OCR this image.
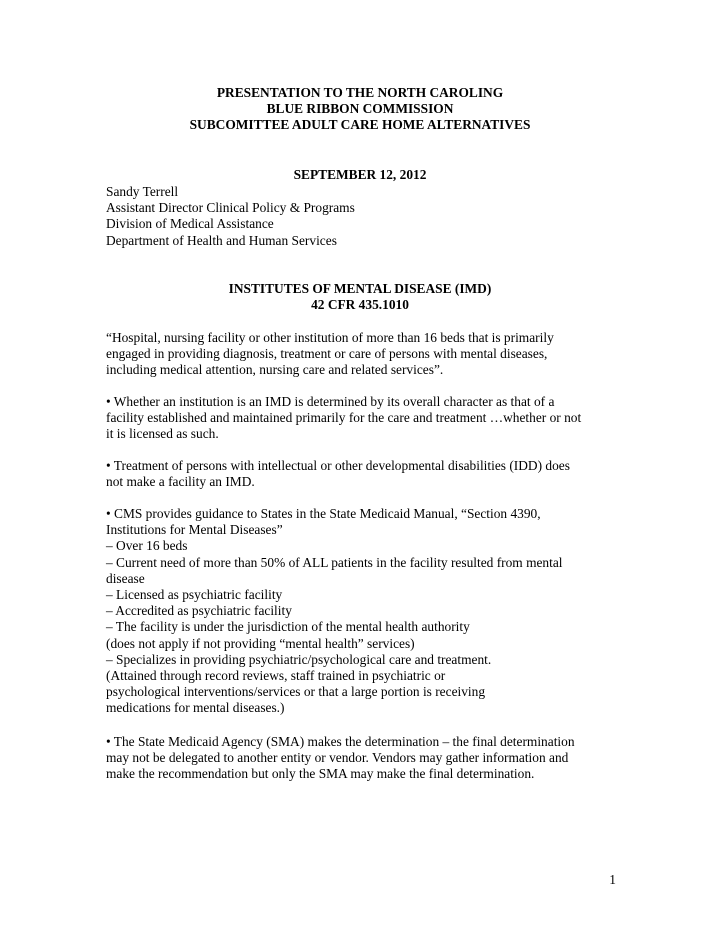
PRESENTATION TO THE NORTH CAROLING
BLUE RIBBON COMMISSION
SUBCOMITTEE ADULT CARE HOME ALTERNATIVES
SEPTEMBER 12, 2012
Sandy Terrell
Assistant Director Clinical Policy & Programs
Division of Medical Assistance
Department of Health and Human Services
INSTITUTES OF MENTAL DISEASE (IMD)
42 CFR 435.1010
“Hospital, nursing facility or other institution of more than 16 beds that is primarily
engaged in providing diagnosis, treatment or care of persons with mental diseases,
including medical attention, nursing care and related services”.
• Whether an institution is an IMD is determined by its overall character as that of a
facility established and maintained primarily for the care and treatment …whether or not
it is licensed as such.
• Treatment of persons with intellectual or other developmental disabilities (IDD) does
not make a facility an IMD.
• CMS provides guidance to States in the State Medicaid Manual, “Section 4390,
Institutions for Mental Diseases”
– Over 16 beds
– Current need of more than 50% of ALL patients in the facility resulted from mental
disease
– Licensed as psychiatric facility
– Accredited as psychiatric facility
– The facility is under the jurisdiction of the mental health authority
(does not apply if not providing “mental health” services)
– Specializes in providing psychiatric/psychological care and treatment.
(Attained through record reviews, staff trained in psychiatric or
psychological interventions/services or that a large portion is receiving
medications for mental diseases.)
• The State Medicaid Agency (SMA) makes the determination – the final determination
may not be delegated to another entity or vendor. Vendors may gather information and
make the recommendation but only the SMA may make the final determination.
1
